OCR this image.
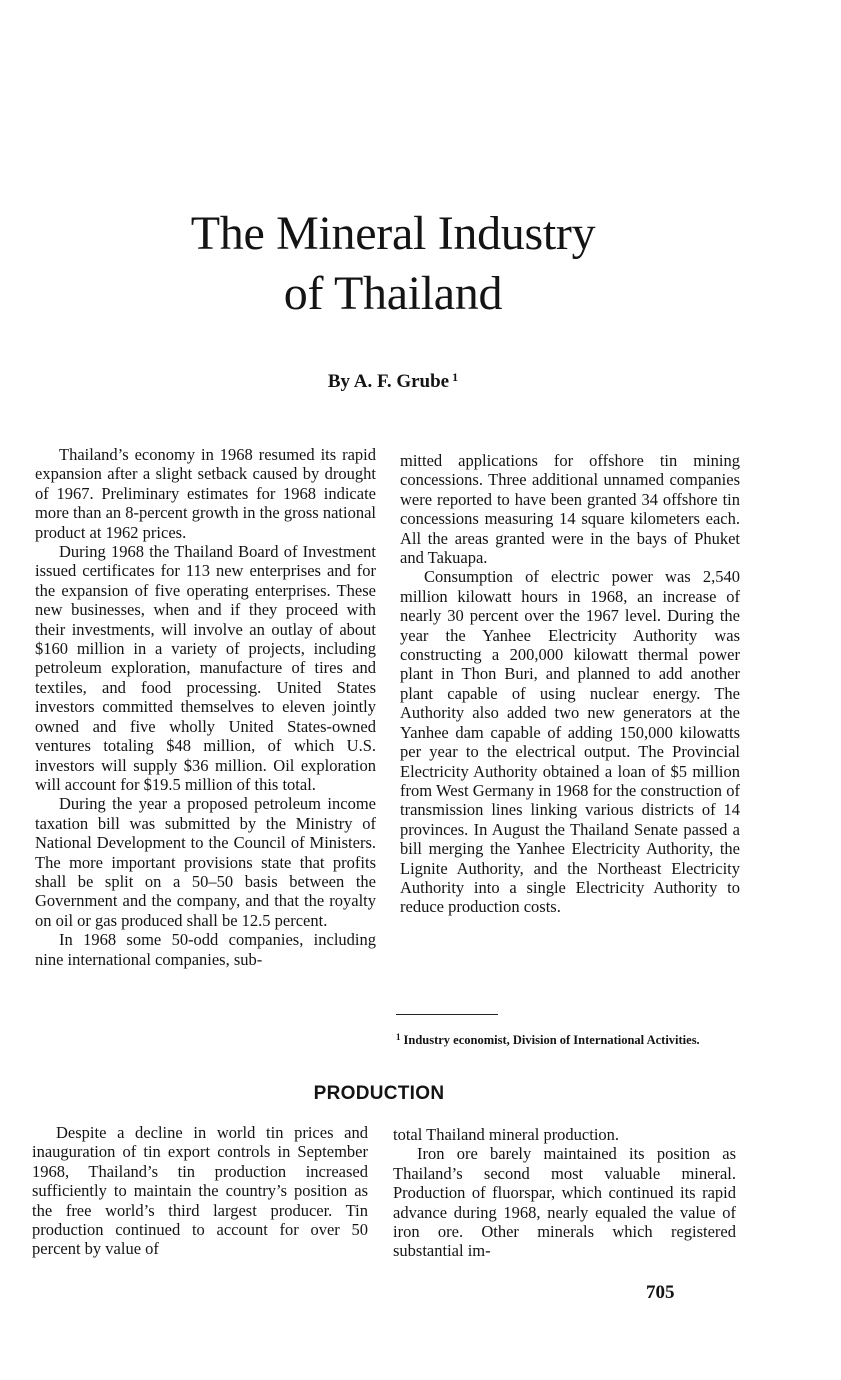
The Mineral Industry
of Thailand
By A. F. Grube $^1$

Thailand’s economy in 1968 resumed its rapid expansion after a slight setback caused by drought of 1967. Preliminary estimates for 1968 indicate more than an 8-percent growth in the gross national product at 1962 prices.

During 1968 the Thailand Board of Investment issued certificates for 113 new enterprises and for the expansion of five operating enterprises. These new businesses, when and if they proceed with their investments, will involve an outlay of about $160 million in a variety of projects, including petroleum exploration, manufacture of tires and textiles, and food processing. United States investors committed themselves to eleven jointly owned and five wholly United States-owned ventures totaling $48 million, of which U.S. investors will supply $36 million. Oil exploration will account for $19.5 million of this total.

During the year a proposed petroleum income taxation bill was submitted by the Ministry of National Development to the Council of Ministers. The more important provisions state that profits shall be split on a 50–50 basis between the Government and the company, and that the royalty on oil or gas produced shall be 12.5 percent.

In 1968 some 50-odd companies, including nine international companies, sub-

mitted applications for offshore tin mining concessions. Three additional unnamed companies were reported to have been granted 34 offshore tin concessions measuring 14 square kilometers each. All the areas granted were in the bays of Phuket and Takuapa.

Consumption of electric power was 2,540 million kilowatt hours in 1968, an increase of nearly 30 percent over the 1967 level. During the year the Yanhee Electricity Authority was constructing a 200,000 kilowatt thermal power plant in Thon Buri, and planned to add another plant capable of using nuclear energy. The Authority also added two new generators at the Yanhee dam capable of adding 150,000 kilowatts per year to the electrical output. The Provincial Electricity Authority obtained a loan of $5 million from West Germany in 1968 for the construction of transmission lines linking various districts of 14 provinces. In August the Thailand Senate passed a bill merging the Yanhee Electricity Authority, the Lignite Authority, and the Northeast Electricity Authority into a single Electricity Authority to reduce production costs.

$^1$ Industry economist, Division of International Activities.
PRODUCTION

Despite a decline in world tin prices and inauguration of tin export controls in September 1968, Thailand’s tin production increased sufficiently to maintain the country’s position as the free world’s third largest producer. Tin production continued to account for over 50 percent by value of

total Thailand mineral production.

Iron ore barely maintained its position as Thailand’s second most valuable mineral. Production of fluorspar, which continued its rapid advance during 1968, nearly equaled the value of iron ore. Other minerals which registered substantial im-

705
